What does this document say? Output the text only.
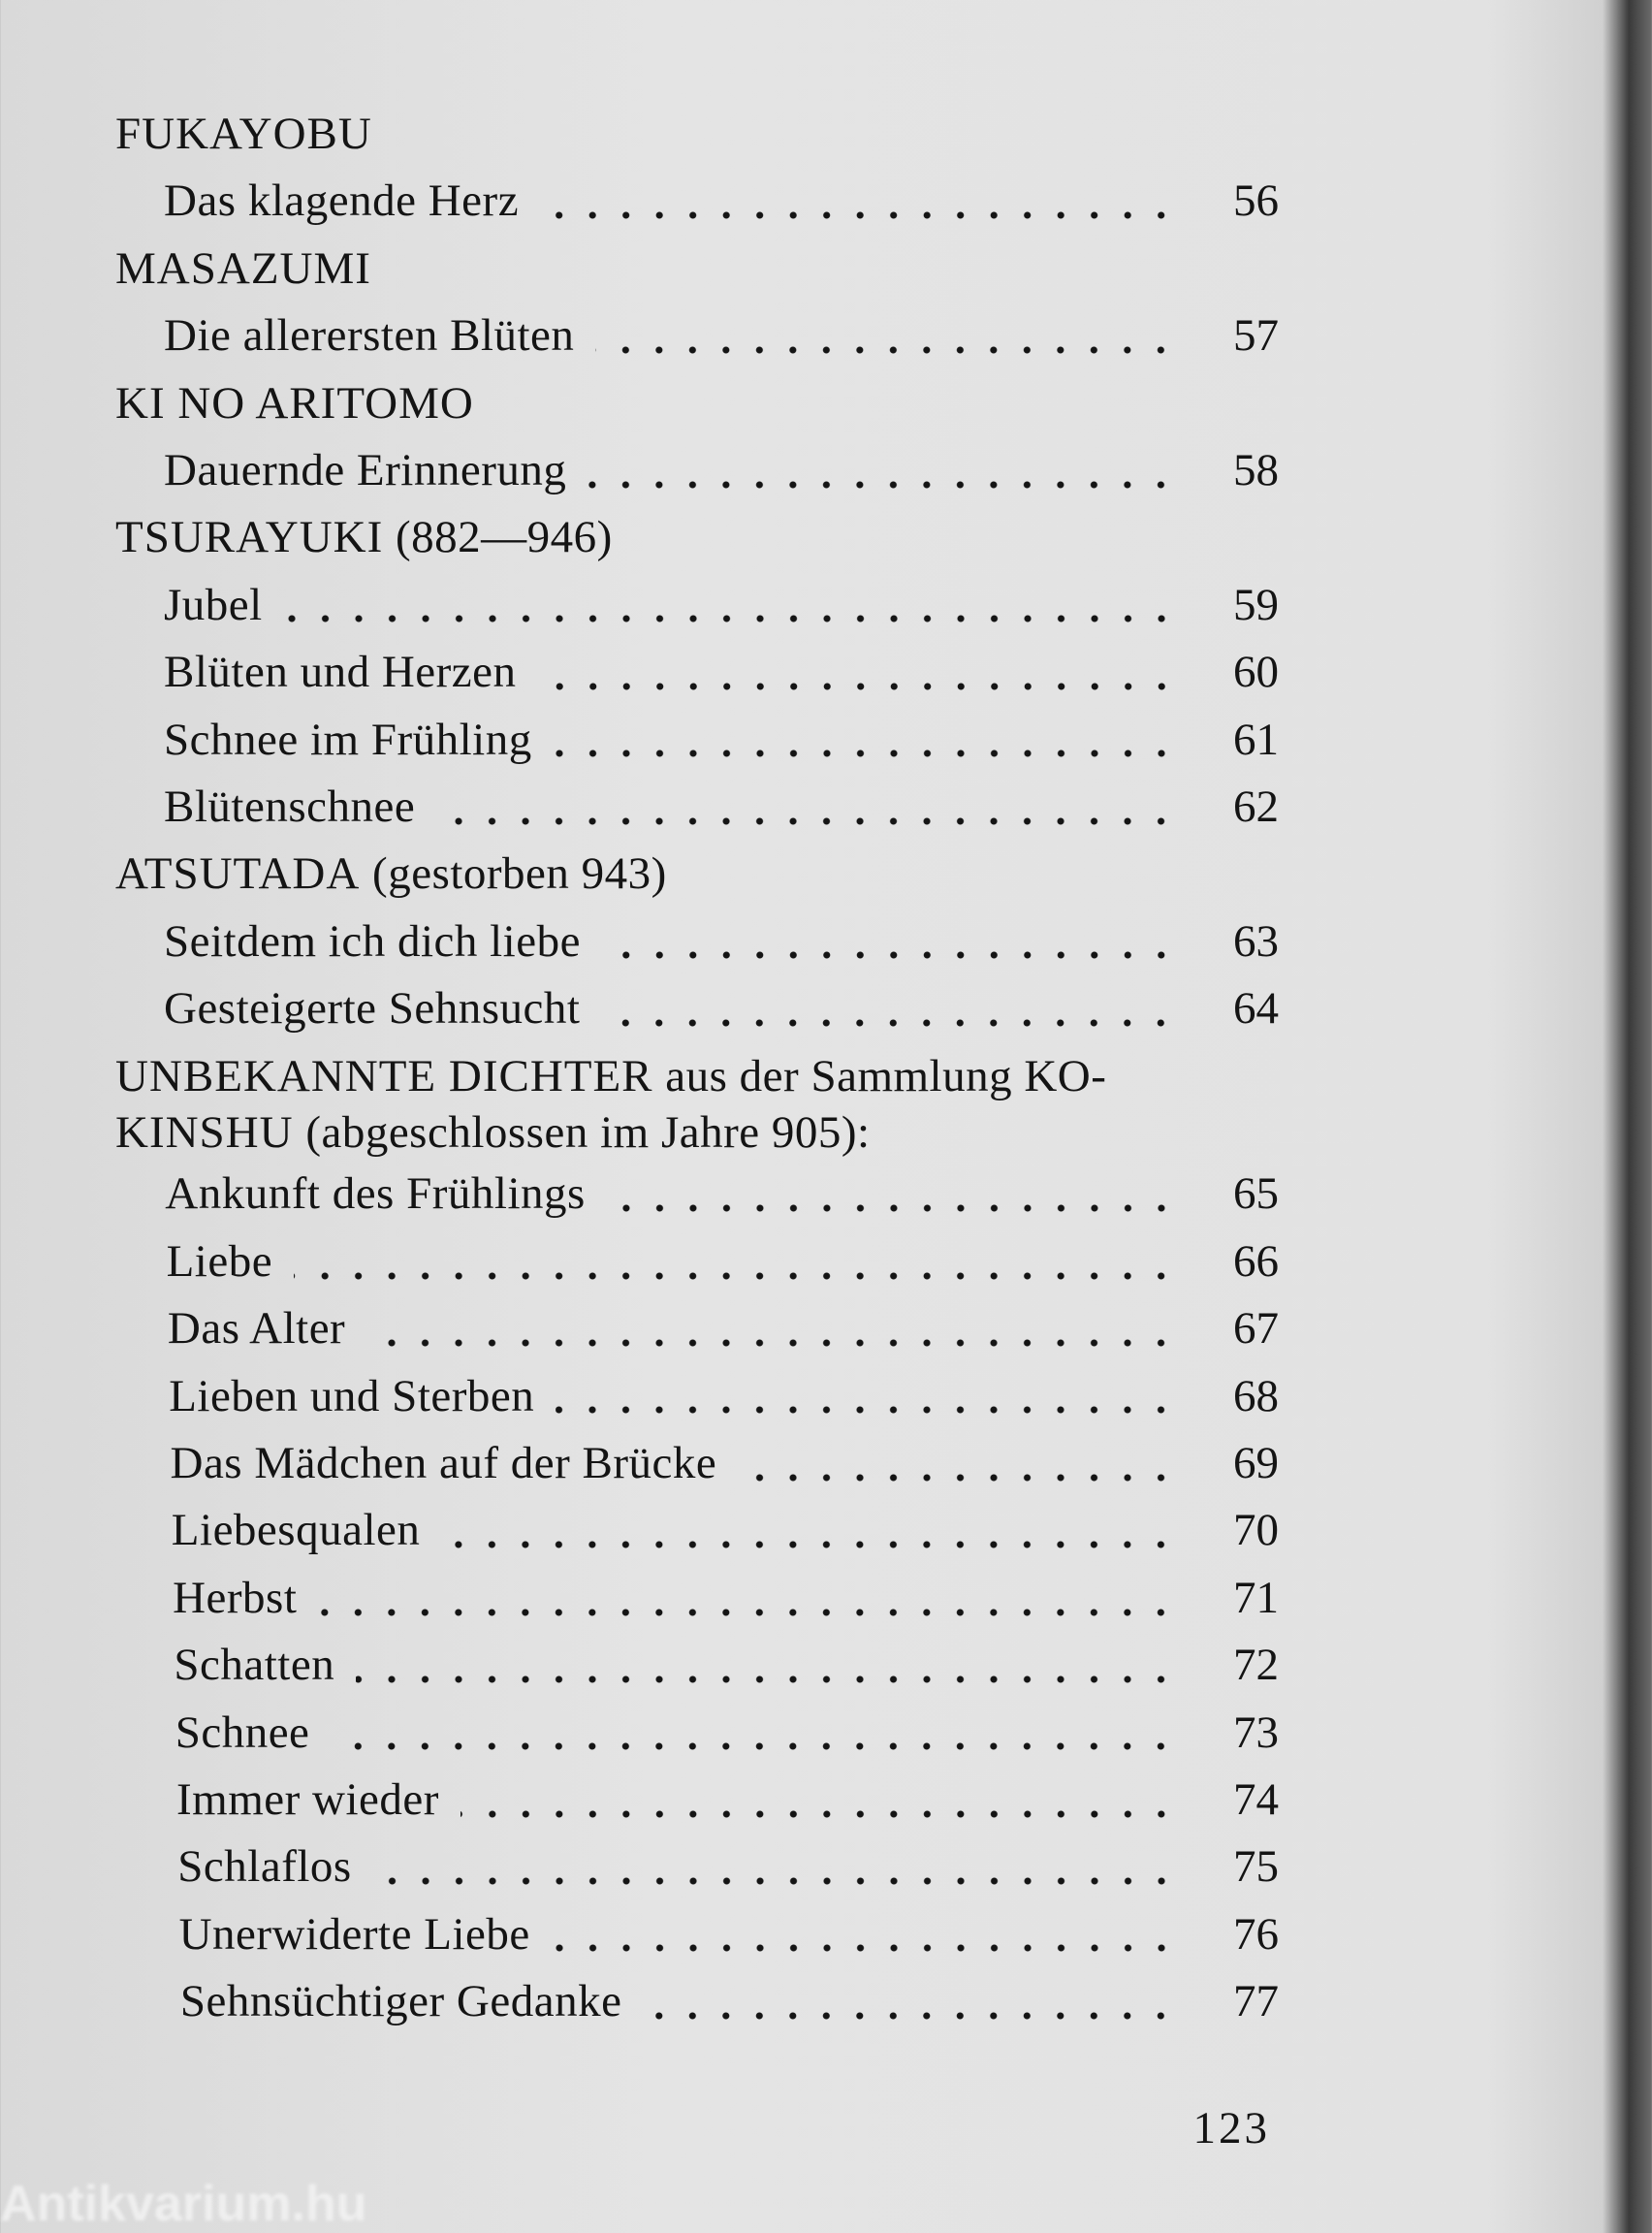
FUKAYOBU
Das klagende Herz	56
MASAZUMI
Die allerersten Blüten	57
KI NO ARITOMO
Dauernde Erinnerung	58
TSURAYUKI
(882—946)
Jubel	59
Blüten und Herzen	60
Schnee im Frühling	61
Blütenschnee	62
ATSUTADA
(gestorben 943)
Seitdem ich dich liebe	63
Gesteigerte Sehnsucht	64
UNBEKANNTE DICHTER aus der Sammlung KO-
KINSHU (abgeschlossen im Jahre 905):
Ankunft des Frühlings	65
Liebe	66
Das Alter	67
Lieben und Sterben	68
Das Mädchen auf der Brücke	69
Liebesqualen	70
Herbst	71
Schatten	72
Schnee	73
Immer wieder	74
Schlaflos	75
Unerwiderte Liebe	76
Sehnsüchtiger Gedanke	77
123
Antikvarium.hu
